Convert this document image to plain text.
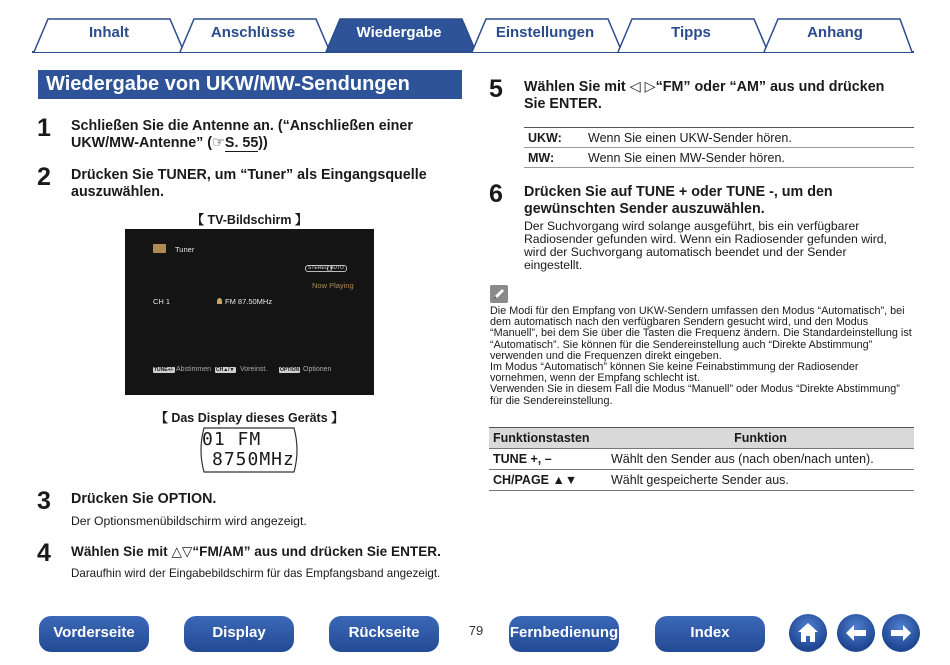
Inhalt	Anschlüsse	Wiedergabe	Einstellungen	Tipps	Anhang
Wiedergabe von UKW/MW-Sendungen
1 Schließen Sie die Antenne an. (“Anschließen einer
UKW/MW-Antenne” (☞S. 55))
2 Drücken Sie TUNER, um “Tuner” als Eingangsquelle
auszuwählen.
【 TV-Bildschirm 】
Tuner
STEREO AUTO
Now Playing
CH 1	FM 87.50MHz
TUNE+/- Abstimmen CH▲/▼ Voreinst.	OPTION Optionen
【 Das Display dieses Geräts 】
01 FM
8750MHz
3 Drücken Sie OPTION.
Der Optionsmenübildschirm wird angezeigt.
4 Wählen Sie mit △▽“FM/AM” aus und drücken Sie ENTER.
Daraufhin wird der Eingabebildschirm für das Empfangsband angezeigt.
5 Wählen Sie mit ◁ ▷“FM” oder “AM” aus und drücken
Sie ENTER.
UKW:	Wenn Sie einen UKW-Sender hören.
MW:	Wenn Sie einen MW-Sender hören.
6 Drücken Sie auf TUNE + oder TUNE -, um den
gewünschten Sender auszuwählen.
Der Suchvorgang wird solange ausgeführt, bis ein verfügbarer
Radiosender gefunden wird. Wenn ein Radiosender gefunden wird,
wird der Suchvorgang automatisch beendet und der Sender
eingestellt.

Die Modi für den Empfang von UKW-Sendern umfassen den Modus “Automatisch”, bei dem automatisch nach den verfügbaren Sendern gesucht wird, und den Modus “Manuell”, bei dem Sie über die Tasten die Frequenz ändern. Die Standardeinstellung ist “Automatisch”. Sie können für die Sendereinstellung auch “Direkte Abstimmung” verwenden und die Frequenzen direkt eingeben.

Im Modus “Automatisch” können Sie keine Feinabstimmung der Radiosender vornehmen, wenn der Empfang schlecht ist.

Verwenden Sie in diesem Fall die Modus “Manuell” oder Modus “Direkte Abstimmung” für die Sendereinstellung.

Funktionstasten	Funktion
TUNE +, –	Wählt den Sender aus (nach oben/nach unten).
CH/PAGE ▲▼	Wählt gespeicherte Sender aus.
Vorderseite	Display	Rückseite	79	Fernbedienung	Index
